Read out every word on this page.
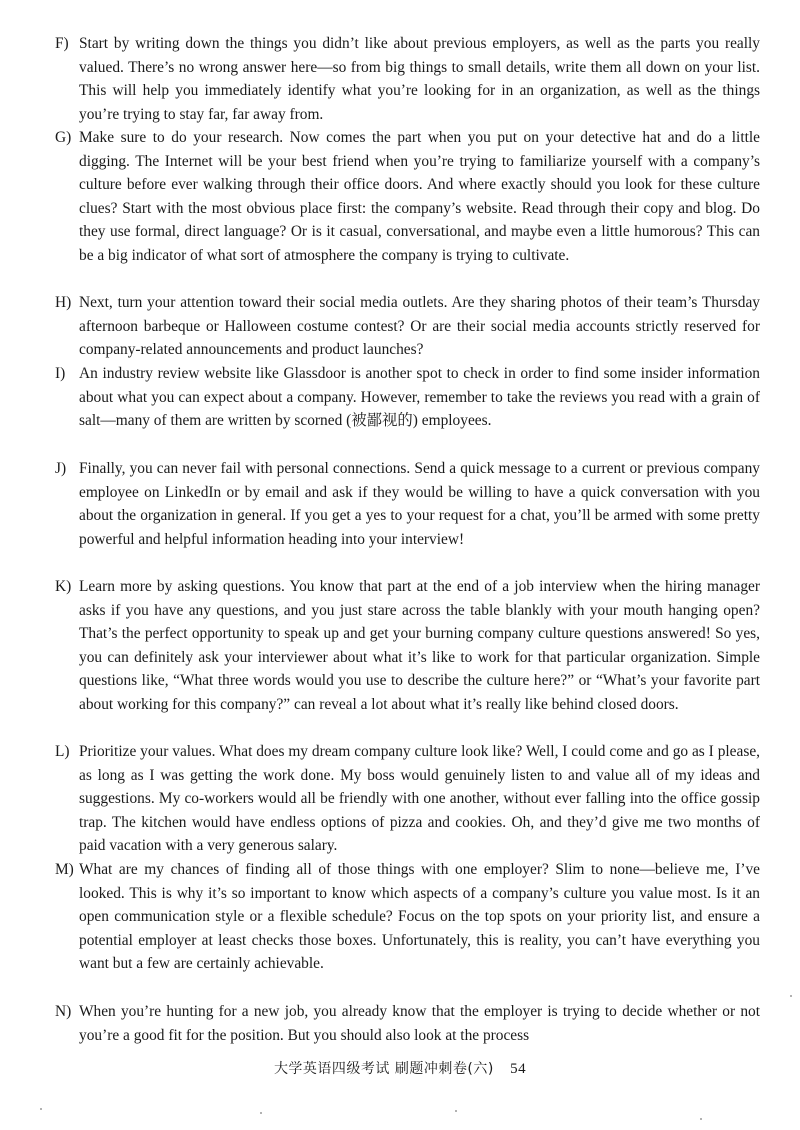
F) Start by writing down the things you didn’t like about previous employers, as well as the parts you really valued. There’s no wrong answer here—so from big things to small details, write them all down on your list. This will help you immediately identify what you’re looking for in an organization, as well as the things you’re trying to stay far, far away from.
G) Make sure to do your research. Now comes the part when you put on your detective hat and do a little digging. The Internet will be your best friend when you’re trying to familiarize yourself with a company’s culture before ever walking through their office doors. And where exactly should you look for these culture clues? Start with the most obvious place first: the company’s website. Read through their copy and blog. Do they use formal, direct language? Or is it casual, conversational, and maybe even a little humorous? This can be a big indicator of what sort of atmosphere the company is trying to cultivate.
H) Next, turn your attention toward their social media outlets. Are they sharing photos of their team’s Thursday afternoon barbeque or Halloween costume contest? Or are their social media accounts strictly reserved for company-related announcements and product launches?
I) An industry review website like Glassdoor is another spot to check in order to find some insider information about what you can expect about a company. However, remember to take the reviews you read with a grain of salt—many of them are written by scorned (被鄙视的) employees.
J) Finally, you can never fail with personal connections. Send a quick message to a current or previous company employee on LinkedIn or by email and ask if they would be willing to have a quick conversation with you about the organization in general. If you get a yes to your request for a chat, you’ll be armed with some pretty powerful and helpful information heading into your interview!
K) Learn more by asking questions. You know that part at the end of a job interview when the hiring manager asks if you have any questions, and you just stare across the table blankly with your mouth hanging open? That’s the perfect opportunity to speak up and get your burning company culture questions answered! So yes, you can definitely ask your interviewer about what it’s like to work for that particular organization. Simple questions like, “What three words would you use to describe the culture here?” or “What’s your favorite part about working for this company?” can reveal a lot about what it’s really like behind closed doors.
L) Prioritize your values. What does my dream company culture look like? Well, I could come and go as I please, as long as I was getting the work done. My boss would genuinely listen to and value all of my ideas and suggestions. My co-workers would all be friendly with one another, without ever falling into the office gossip trap. The kitchen would have endless options of pizza and cookies. Oh, and they’d give me two months of paid vacation with a very generous salary.
M) What are my chances of finding all of those things with one employer? Slim to none—believe me, I’ve looked. This is why it’s so important to know which aspects of a company’s culture you value most. Is it an open communication style or a flexible schedule? Focus on the top spots on your priority list, and ensure a potential employer at least checks those boxes. Unfortunately, this is reality, you can’t have everything you want but a few are certainly achievable.
N) When you’re hunting for a new job, you already know that the employer is trying to decide whether or not you’re a good fit for the position. But you should also look at the process
大学英语四级考试 刷题冲刺卷(六) 54
